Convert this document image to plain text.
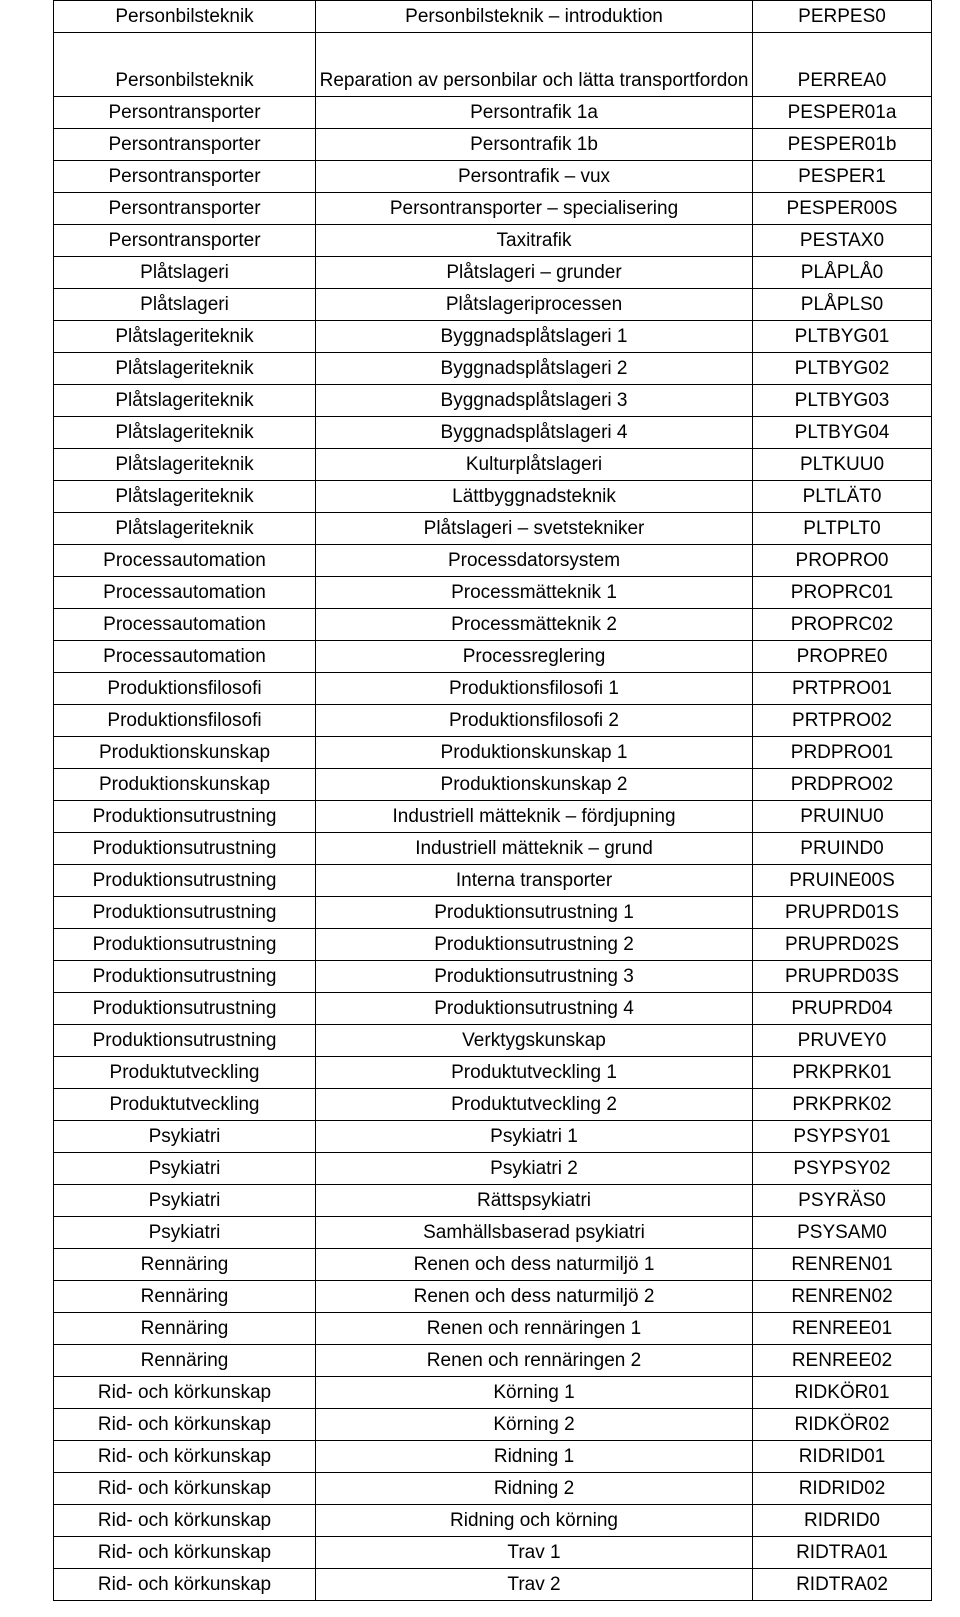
Personbilsteknik	Personbilsteknik – introduktion	PERPES0
Personbilsteknik	Reparation av personbilar och lätta transportfordon	PERREA0
Persontransporter	Persontrafik 1a	PESPER01a
Persontransporter	Persontrafik 1b	PESPER01b
Persontransporter	Persontrafik – vux	PESPER1
Persontransporter	Persontransporter – specialisering	PESPER00S
Persontransporter	Taxitrafik	PESTAX0
Plåtslageri	Plåtslageri – grunder	PLÅPLÅ0
Plåtslageri	Plåtslageriprocessen	PLÅPLS0
Plåtslageriteknik	Byggnadsplåtslageri 1	PLTBYG01
Plåtslageriteknik	Byggnadsplåtslageri 2	PLTBYG02
Plåtslageriteknik	Byggnadsplåtslageri 3	PLTBYG03
Plåtslageriteknik	Byggnadsplåtslageri 4	PLTBYG04
Plåtslageriteknik	Kulturplåtslageri	PLTKUU0
Plåtslageriteknik	Lättbyggnadsteknik	PLTLÄT0
Plåtslageriteknik	Plåtslageri – svetstekniker	PLTPLT0
Processautomation	Processdatorsystem	PROPRO0
Processautomation	Processmätteknik 1	PROPRC01
Processautomation	Processmätteknik 2	PROPRC02
Processautomation	Processreglering	PROPRE0
Produktionsfilosofi	Produktionsfilosofi 1	PRTPRO01
Produktionsfilosofi	Produktionsfilosofi 2	PRTPRO02
Produktionskunskap	Produktionskunskap 1	PRDPRO01
Produktionskunskap	Produktionskunskap 2	PRDPRO02
Produktionsutrustning	Industriell mätteknik – fördjupning	PRUINU0
Produktionsutrustning	Industriell mätteknik – grund	PRUIND0
Produktionsutrustning	Interna transporter	PRUINE00S
Produktionsutrustning	Produktionsutrustning 1	PRUPRD01S
Produktionsutrustning	Produktionsutrustning 2	PRUPRD02S
Produktionsutrustning	Produktionsutrustning 3	PRUPRD03S
Produktionsutrustning	Produktionsutrustning 4	PRUPRD04
Produktionsutrustning	Verktygskunskap	PRUVEY0
Produktutveckling	Produktutveckling 1	PRKPRK01
Produktutveckling	Produktutveckling 2	PRKPRK02
Psykiatri	Psykiatri 1	PSYPSY01
Psykiatri	Psykiatri 2	PSYPSY02
Psykiatri	Rättspsykiatri	PSYRÄS0
Psykiatri	Samhällsbaserad psykiatri	PSYSAM0
Rennäring	Renen och dess naturmiljö 1	RENREN01
Rennäring	Renen och dess naturmiljö 2	RENREN02
Rennäring	Renen och rennäringen 1	RENREE01
Rennäring	Renen och rennäringen 2	RENREE02
Rid- och körkunskap	Körning 1	RIDKÖR01
Rid- och körkunskap	Körning 2	RIDKÖR02
Rid- och körkunskap	Ridning 1	RIDRID01
Rid- och körkunskap	Ridning 2	RIDRID02
Rid- och körkunskap	Ridning och körning	RIDRID0
Rid- och körkunskap	Trav 1	RIDTRA01
Rid- och körkunskap	Trav 2	RIDTRA02
